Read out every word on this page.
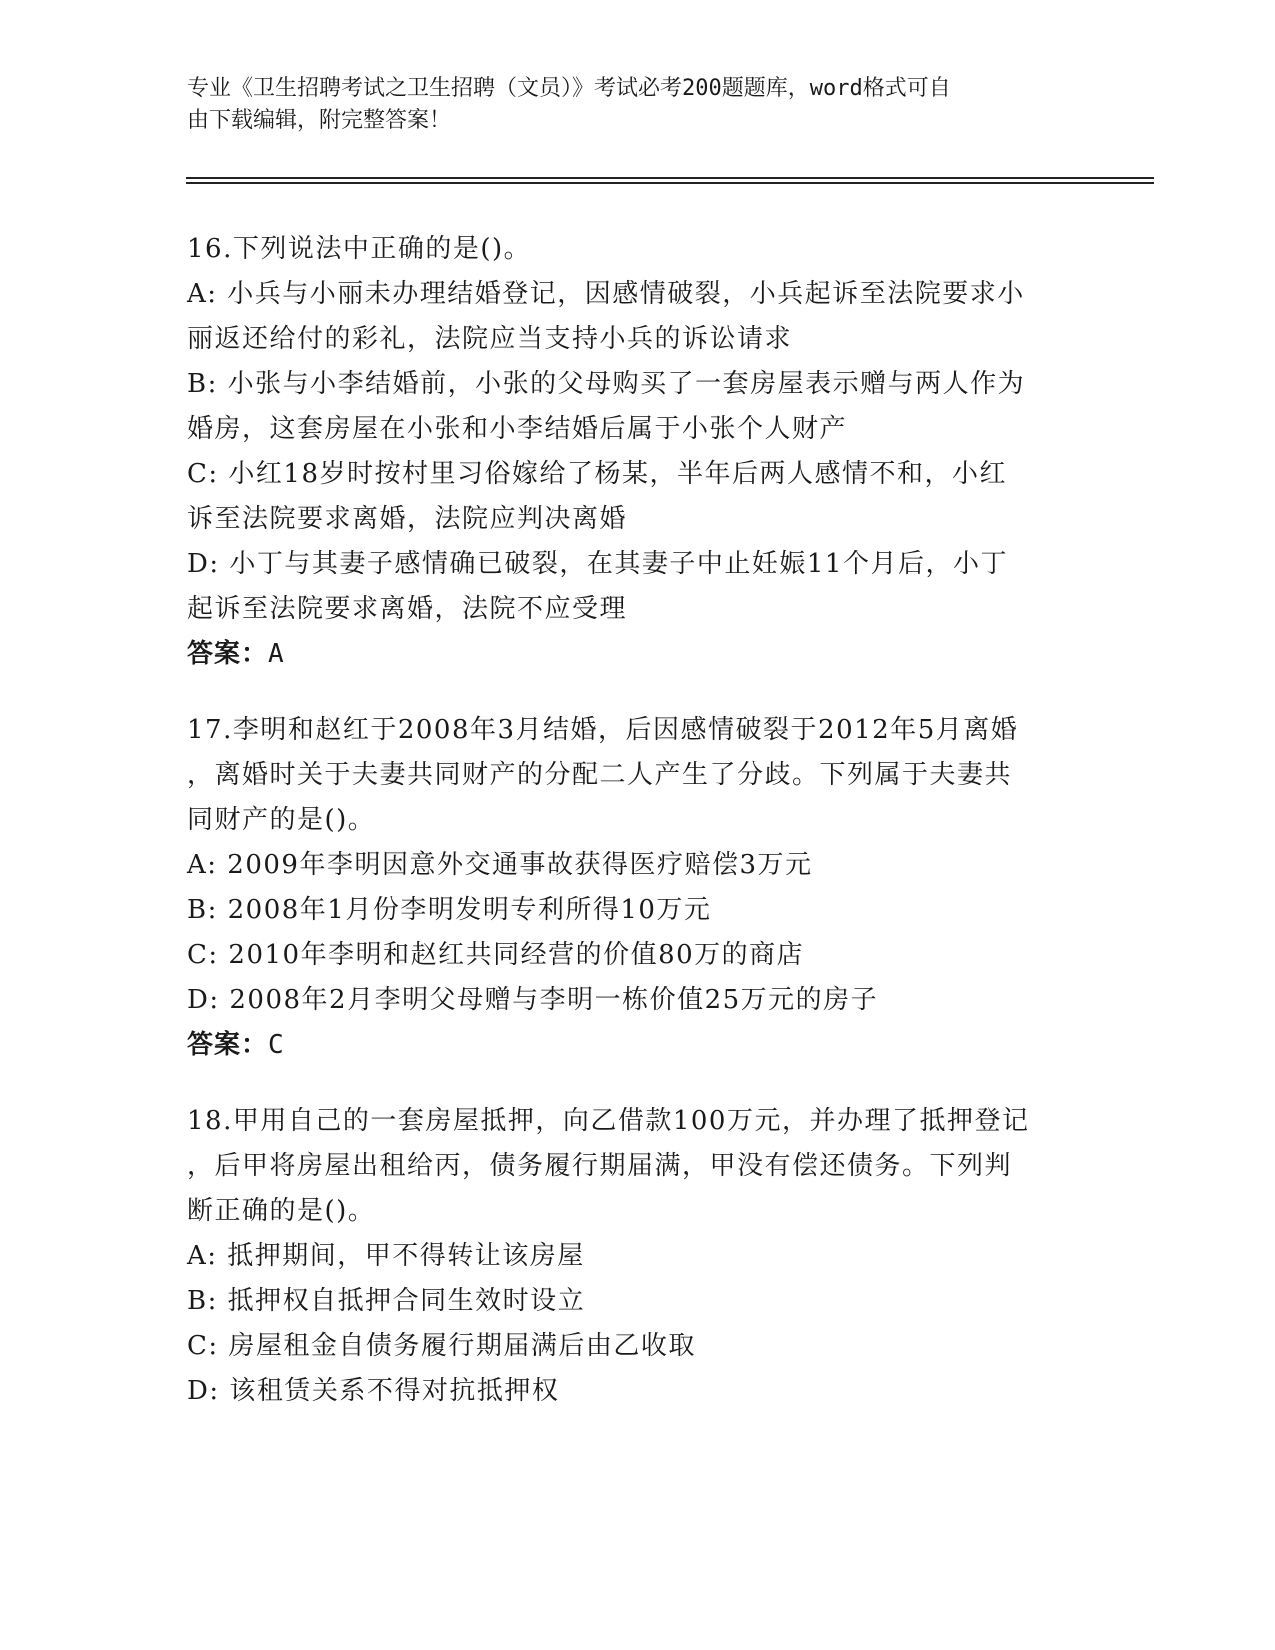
专业《卫生招聘考试之卫生招聘（文员）》考试必考200题题库，word格式可自
由下载编辑，附完整答案！

16.下列说法中正确的是()。

A: 小兵与小丽未办理结婚登记，因感情破裂，小兵起诉至法院要求小

丽返还给付的彩礼，法院应当支持小兵的诉讼请求

B: 小张与小李结婚前，小张的父母购买了一套房屋表示赠与两人作为

婚房，这套房屋在小张和小李结婚后属于小张个人财产

C: 小红18岁时按村里习俗嫁给了杨某，半年后两人感情不和，小红

诉至法院要求离婚，法院应判决离婚

D: 小丁与其妻子感情确已破裂，在其妻子中止妊娠11个月后，小丁

起诉至法院要求离婚，法院不应受理

答案：A

17.李明和赵红于2008年3月结婚，后因感情破裂于2012年5月离婚

，离婚时关于夫妻共同财产的分配二人产生了分歧。下列属于夫妻共

同财产的是()。

A: 2009年李明因意外交通事故获得医疗赔偿3万元

B: 2008年1月份李明发明专利所得10万元

C: 2010年李明和赵红共同经营的价值80万的商店

D: 2008年2月李明父母赠与李明一栋价值25万元的房子

答案：C

18.甲用自己的一套房屋抵押，向乙借款100万元，并办理了抵押登记

，后甲将房屋出租给丙，债务履行期届满，甲没有偿还债务。下列判

断正确的是()。

A: 抵押期间，甲不得转让该房屋

B: 抵押权自抵押合同生效时设立

C: 房屋租金自债务履行期届满后由乙收取

D: 该租赁关系不得对抗抵押权
